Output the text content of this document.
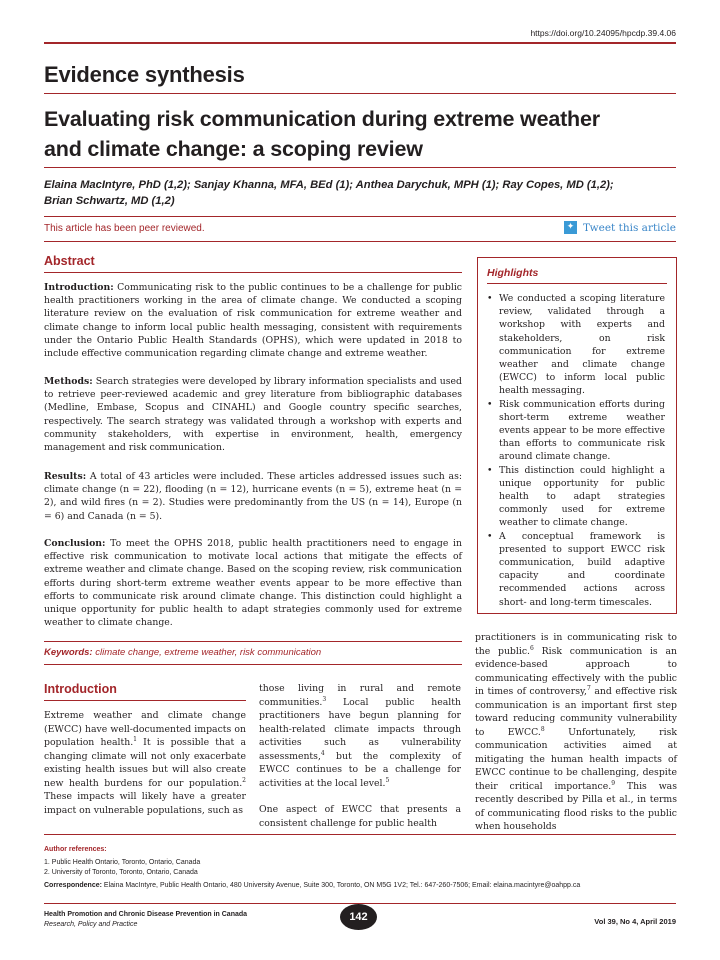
https://doi.org/10.24095/hpcdp.39.4.06
Evidence synthesis
Evaluating risk communication during extreme weather
and climate change: a scoping review
Elaina MacIntyre, PhD (1,2); Sanjay Khanna, MFA, BEd (1); Anthea Darychuk, MPH (1); Ray Copes, MD (1,2);
Brian Schwartz, MD (1,2)
This article has been peer reviewed.	✦ Tweet this article
Abstract
Introduction: Communicating risk to the public continues to be a challenge for public health practitioners working in the area of climate change. We conducted a scoping literature review on the evaluation of risk communication for extreme weather and climate change to inform local public health messaging, consistent with requirements under the Ontario Public Health Standards (OPHS), which were updated in 2018 to include effective communication regarding climate change and extreme weather.
Methods: Search strategies were developed by library information specialists and used to retrieve peer-reviewed academic and grey literature from bibliographic databases (Medline, Embase, Scopus and CINAHL) and Google country specific searches, respectively. The search strategy was validated through a workshop with experts and community stakeholders, with expertise in environment, health, emergency management and risk communication.
Results: A total of 43 articles were included. These articles addressed issues such as: climate change (n = 22), flooding (n = 12), hurricane events (n = 5), extreme heat (n = 2), and wild fires (n = 2). Studies were predominantly from the US (n = 14), Europe (n = 6) and Canada (n = 5).
Conclusion: To meet the OPHS 2018, public health practitioners need to engage in effective risk communication to motivate local actions that mitigate the effects of extreme weather and climate change. Based on the scoping review, risk communication efforts during short-term extreme weather events appear to be more effective than efforts to communicate risk around climate change. This distinction could highlight a unique opportunity for public health to adapt strategies commonly used for extreme weather to climate change.
Keywords: climate change, extreme weather, risk communication
Highlights
• We conducted a scoping literature review, validated through a workshop with experts and stakeholders, on risk communication for extreme weather and climate change (EWCC) to inform local public health messaging.
• Risk communication efforts during short-term extreme weather events appear to be more effective than efforts to communicate risk around climate change.
• This distinction could highlight a unique opportunity for public health to adapt strategies commonly used for extreme weather to climate change.
• A conceptual framework is presented to support EWCC risk communication, build adaptive capacity and coordinate recommended actions across short- and long-term timescales.
Introduction
Extreme weather and climate change (EWCC) have well-documented impacts on population health.$^1$ It is possible that a changing climate will not only exacerbate existing health issues but will also create new health burdens for our population.$^2$ These impacts will likely have a greater impact on vulnerable populations, such as
those living in rural and remote communities.$^3$ Local public health practitioners have begun planning for health-related climate impacts through activities such as vulnerability assessments,$^4$ but the complexity of EWCC continues to be a challenge for activities at the local level.$^5$
One aspect of EWCC that presents a consistent challenge for public health
practitioners is in communicating risk to the public.$^6$ Risk communication is an evidence-based approach to communicating effectively with the public in times of controversy,$^7$ and effective risk communication is an important first step toward reducing community vulnerability to EWCC.$^8$ Unfortunately, risk communication activities aimed at mitigating the human health impacts of EWCC continue to be challenging, despite their critical importance.$^9$ This was recently described by Pilla et al., in terms of communicating flood risks to the public when households
Author references:
1. Public Health Ontario, Toronto, Ontario, Canada
2. University of Toronto, Toronto, Ontario, Canada
Correspondence: Elaina MacIntyre, Public Health Ontario, 480 University Avenue, Suite 300, Toronto, ON M5G 1V2; Tel.: 647-260-7506; Email: elaina.macintyre@oahpp.ca
Health Promotion and Chronic Disease Prevention in Canada
Research, Policy and Practice
142	Vol 39, No 4, April 2019
